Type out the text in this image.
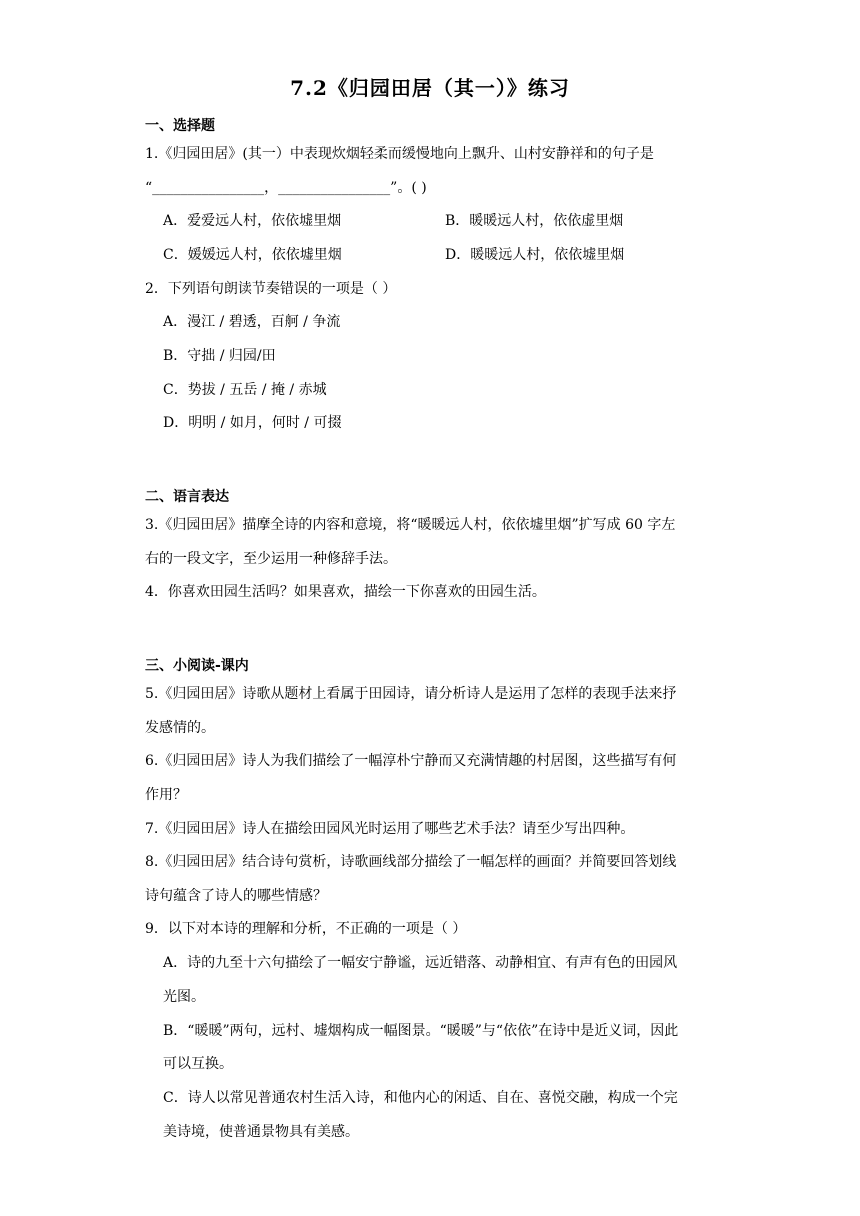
7.2《归园田居（其一）》练习
一、选择题
1.《归园田居》(其一）中表现炊烟轻柔而缓慢地向上飘升、山村安静祥和的句子是
“________________，________________”。( )
A．爱爱远人村，依依墟里烟	B．暖暖远人村，依依虚里烟
C．媛媛远人村，依依墟里烟	D．暖暖远人村，依依墟里烟
2．下列语句朗读节奏错误的一项是（ ）
A．漫江 / 碧透，百舸 / 争流
B．守拙 / 归园/田
C．势拔 / 五岳 / 掩 / 赤城
D．明明 / 如月，何时 / 可掇
二、语言表达
3.《归园田居》描摩全诗的内容和意境，将“暖暖远人村，依依墟里烟”扩写成 60 字左
右的一段文字，至少运用一种修辞手法。
4．你喜欢田园生活吗？如果喜欢，描绘一下你喜欢的田园生活。
三、小阅读-课内
5.《归园田居》诗歌从题材上看属于田园诗，请分析诗人是运用了怎样的表现手法来抒
发感情的。
6.《归园田居》诗人为我们描绘了一幅淳朴宁静而又充满情趣的村居图，这些描写有何
作用？
7.《归园田居》诗人在描绘田园风光时运用了哪些艺术手法？请至少写出四种。
8.《归园田居》结合诗句赏析，诗歌画线部分描绘了一幅怎样的画面？并简要回答划线
诗句蕴含了诗人的哪些情感？
9．以下对本诗的理解和分析，不正确的一项是（ ）
A．诗的九至十六句描绘了一幅安宁静谧，远近错落、动静相宜、有声有色的田园风
光图。
B．“暖暖”两句，远村、墟烟构成一幅图景。“暖暖”与“依依”在诗中是近义词，因此
可以互换。
C．诗人以常见普通农村生活入诗，和他内心的闲适、自在、喜悦交融，构成一个完
美诗境，使普通景物具有美感。
